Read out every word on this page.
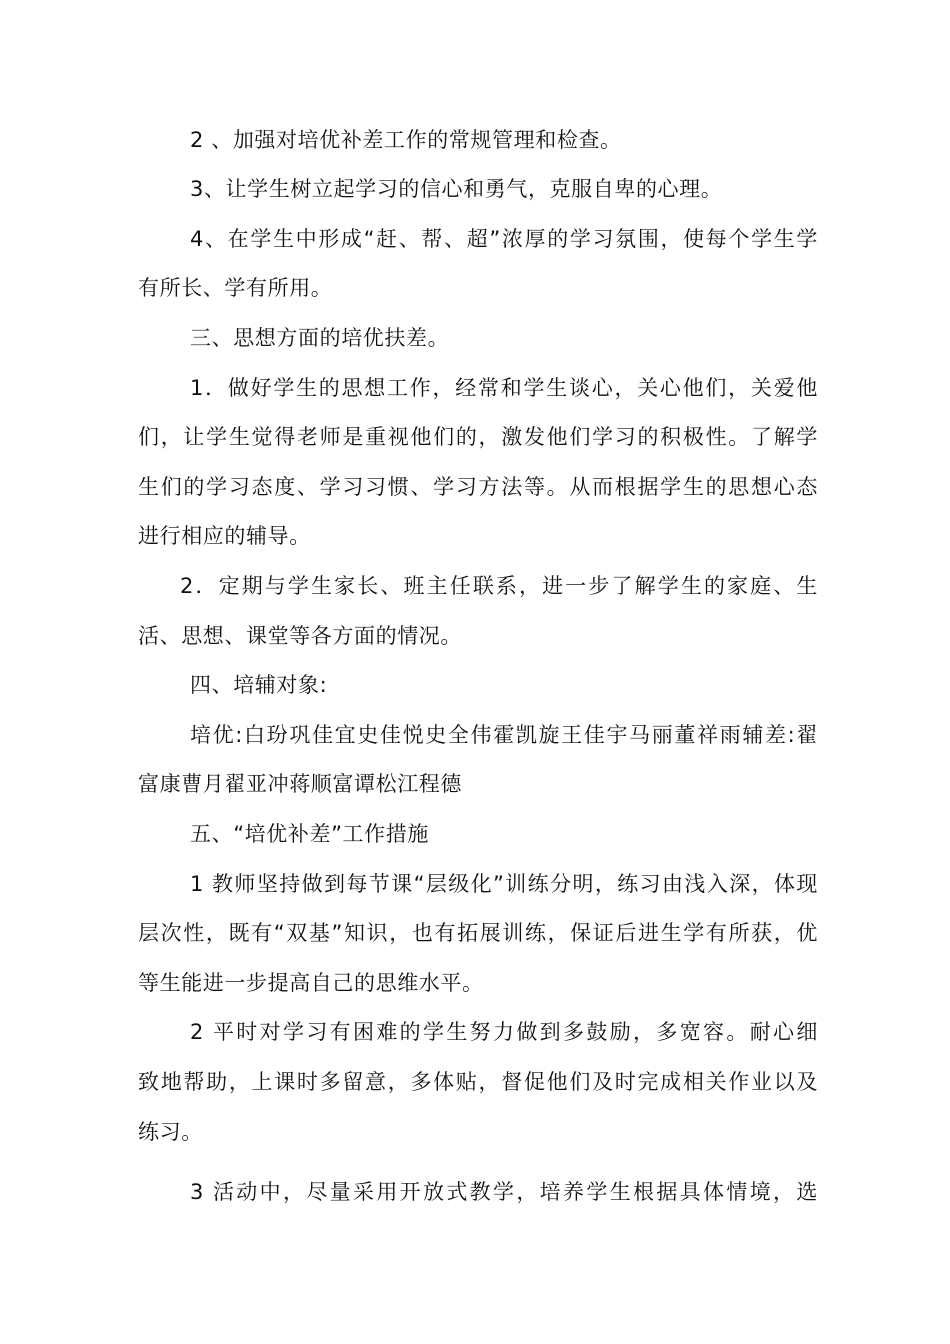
2 、加强对培优补差工作的常规管理和检查。
3、让学生树立起学习的信心和勇气，克服自卑的心理。
4、在学生中形成“赶、帮、超”浓厚的学习氛围，使每个学生学
有所长、学有所用。
三、思想方面的培优扶差。
1．做好学生的思想工作，经常和学生谈心，关心他们，关爱他
们，让学生觉得老师是重视他们的，激发他们学习的积极性。了解学
生们的学习态度、学习习惯、学习方法等。从而根据学生的思想心态
进行相应的辅导。
2．定期与学生家长、班主任联系，进一步了解学生的家庭、生
活、思想、课堂等各方面的情况。
四、培辅对象:
培优:白玢巩佳宜史佳悦史全伟霍凯旋王佳宇马丽董祥雨辅差:翟
富康曹月翟亚冲蒋顺富谭松江程德
五、“培优补差”工作措施
1 教师坚持做到每节课“层级化”训练分明，练习由浅入深，体现
层次性，既有“双基”知识，也有拓展训练，保证后进生学有所获，优
等生能进一步提高自己的思维水平。
2 平时对学习有困难的学生努力做到多鼓励，多宽容。耐心细
致地帮助，上课时多留意，多体贴，督促他们及时完成相关作业以及
练习。
3 活动中，尽量采用开放式教学，培养学生根据具体情境，选
